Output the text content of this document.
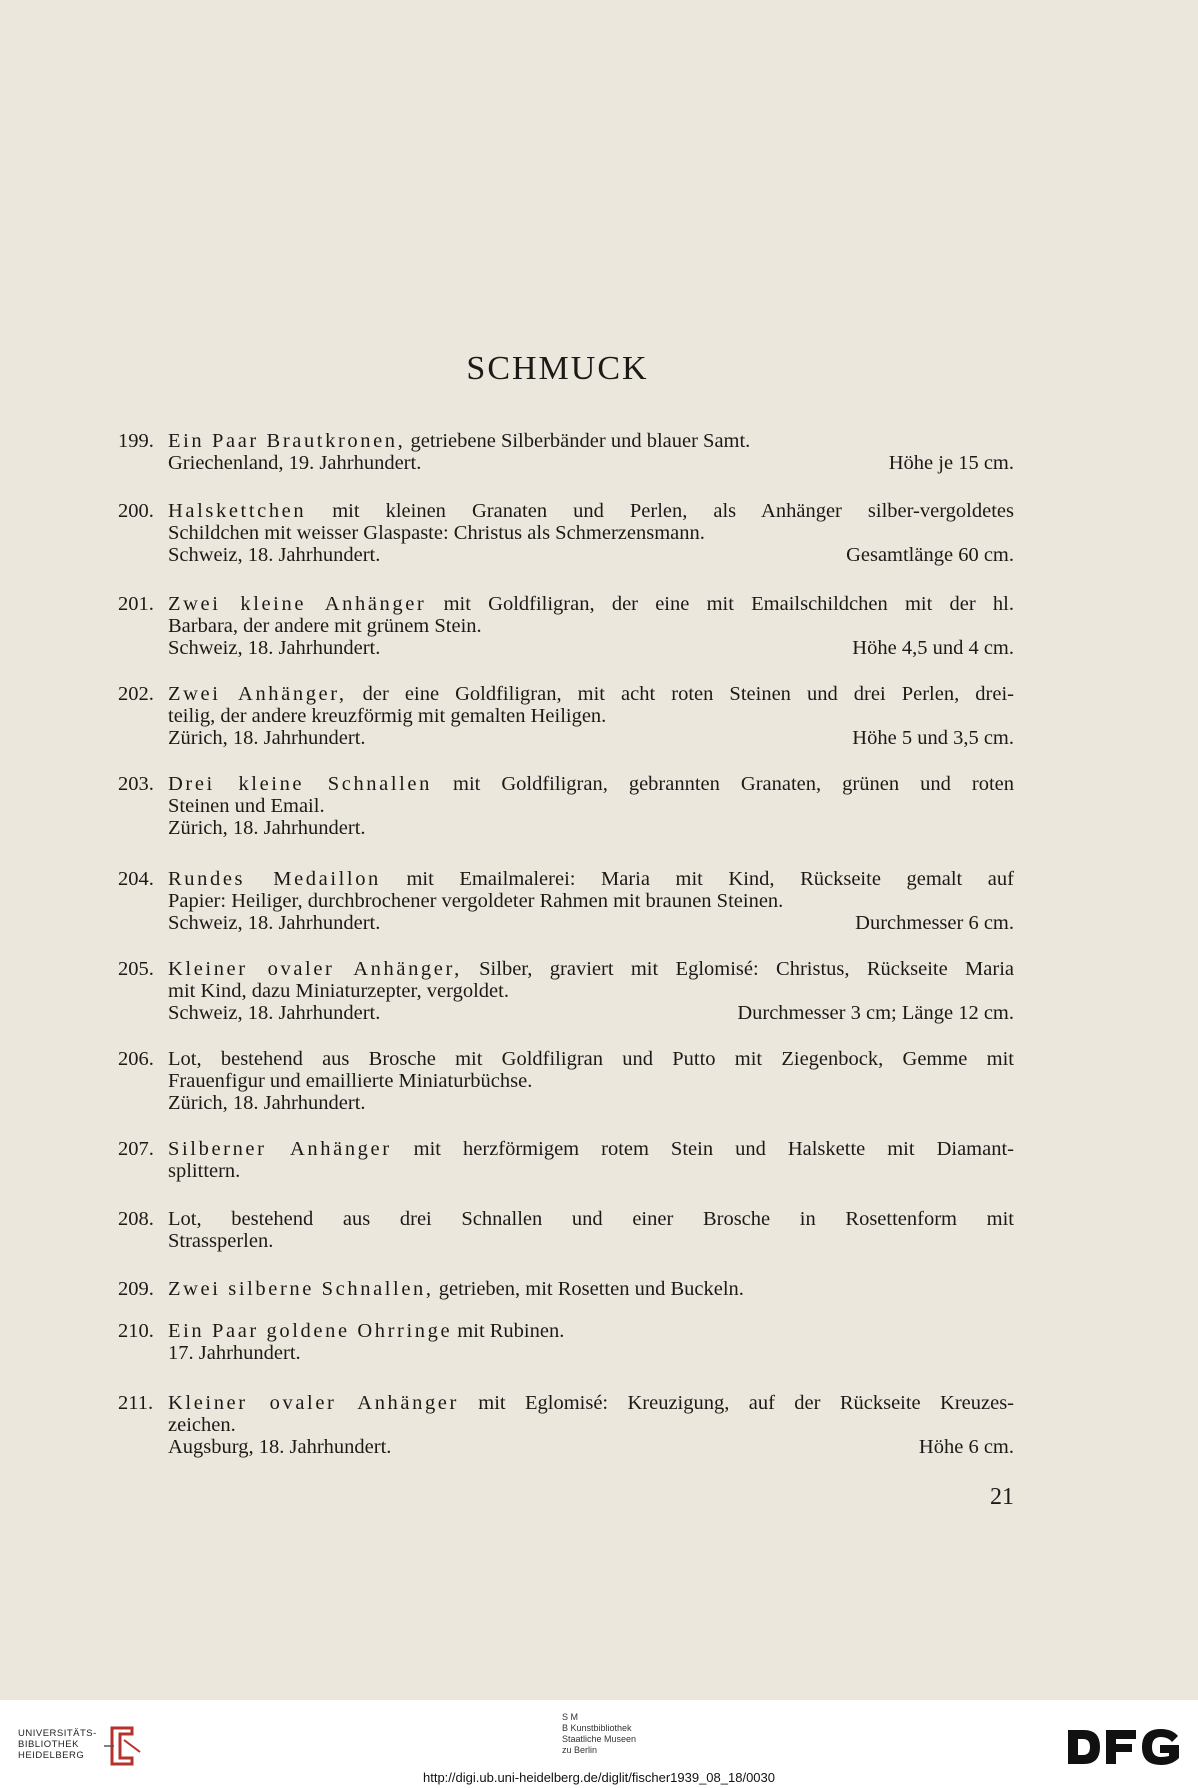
SCHMUCK
199. Ein Paar Brautkronen, getriebene Silberbänder und blauer Samt.
Griechenland, 19. Jahrhundert.	Höhe je 15 cm.
200. Halskettchen mit kleinen Granaten und Perlen, als Anhänger silber-vergoldetes
Schildchen mit weisser Glaspaste: Christus als Schmerzensmann.
Schweiz, 18. Jahrhundert.	Gesamtlänge 60 cm.
201. Zwei kleine Anhänger mit Goldfiligran, der eine mit Emailschildchen mit der hl.
Barbara, der andere mit grünem Stein.
Schweiz, 18. Jahrhundert.	Höhe 4,5 und 4 cm.
202. Zwei Anhänger, der eine Goldfiligran, mit acht roten Steinen und drei Perlen, drei-
teilig, der andere kreuzförmig mit gemalten Heiligen.
Zürich, 18. Jahrhundert.	Höhe 5 und 3,5 cm.
203. Drei kleine Schnallen mit Goldfiligran, gebrannten Granaten, grünen und roten
Steinen und Email.
Zürich, 18. Jahrhundert.
204. Rundes Medaillon mit Emailmalerei: Maria mit Kind, Rückseite gemalt auf
Papier: Heiliger, durchbrochener vergoldeter Rahmen mit braunen Steinen.
Schweiz, 18. Jahrhundert.	Durchmesser 6 cm.
205. Kleiner ovaler Anhänger, Silber, graviert mit Eglomisé: Christus, Rückseite Maria
mit Kind, dazu Miniaturzepter, vergoldet.
Schweiz, 18. Jahrhundert.	Durchmesser 3 cm; Länge 12 cm.
206. Lot, bestehend aus Brosche mit Goldfiligran und Putto mit Ziegenbock, Gemme mit
Frauenfigur und emaillierte Miniaturbüchse.
Zürich, 18. Jahrhundert.
207. Silberner Anhänger mit herzförmigem rotem Stein und Halskette mit Diamant-
splittern.
208. Lot, bestehend aus drei Schnallen und einer Brosche in Rosettenform mit
Strassperlen.
209. Zwei silberne Schnallen, getrieben, mit Rosetten und Buckeln.
210. Ein Paar goldene Ohrringe mit Rubinen.
17. Jahrhundert.
211. Kleiner ovaler Anhänger mit Eglomisé: Kreuzigung, auf der Rückseite Kreuzes-
zeichen.
Augsburg, 18. Jahrhundert.	Höhe 6 cm.
21
UNIVERSITÄTS-
BIBLIOTHEK
HEIDELBERG
S M
B Kunstbibliothek
Staatliche Museen
zu Berlin
http://digi.ub.uni-heidelberg.de/diglit/fischer1939_08_18/0030
